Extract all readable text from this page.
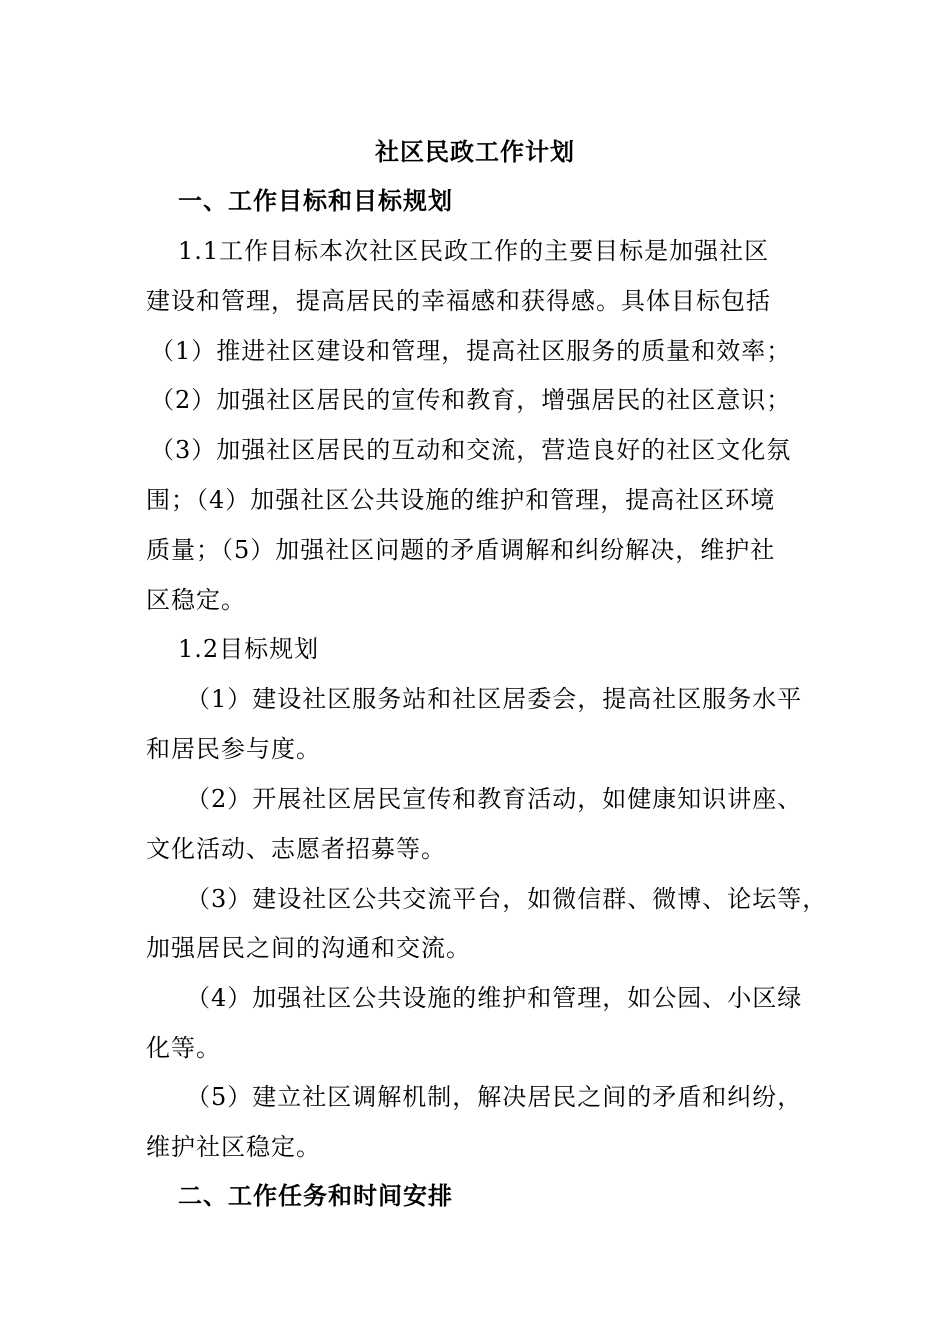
社区民政工作计划
一、工作目标和目标规划
1.1工作目标本次社区民政工作的主要目标是加强社区
建设和管理，提高居民的幸福感和获得感。具体目标包括
（1）推进社区建设和管理，提高社区服务的质量和效率；
（2）加强社区居民的宣传和教育，增强居民的社区意识；
（3）加强社区居民的互动和交流，营造良好的社区文化氛
围；（4）加强社区公共设施的维护和管理，提高社区环境
质量；（5）加强社区问题的矛盾调解和纠纷解决，维护社
区稳定。
1.2目标规划
（1）建设社区服务站和社区居委会，提高社区服务水平
和居民参与度。
（2）开展社区居民宣传和教育活动，如健康知识讲座、
文化活动、志愿者招募等。
（3）建设社区公共交流平台，如微信群、微博、论坛等，
加强居民之间的沟通和交流。
（4）加强社区公共设施的维护和管理，如公园、小区绿
化等。
（5）建立社区调解机制，解决居民之间的矛盾和纠纷，
维护社区稳定。
二、工作任务和时间安排
